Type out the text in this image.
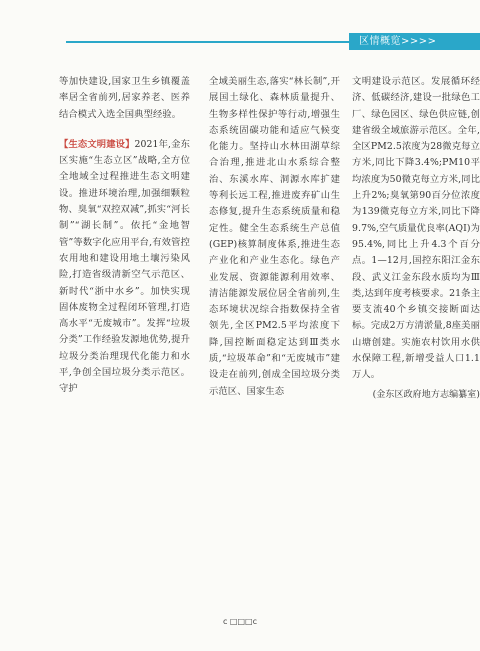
区情概览>>>>

等加快建设,国家卫生乡镇覆盖率居全省前列,居家养老、医养结合模式入选全国典型经验。

【生态文明建设】2021年,金东区实施“生态立区”战略,全方位全地域全过程推进生态文明建设。推进环境治理,加强细颗粒物、臭氧“双控双减”,抓实“河长制”“湖长制”。依托“金地智管”等数字化应用平台,有效管控农用地和建设用地土壤污染风险,打造省级清新空气示范区、新时代“浙中水乡”。加快实现固体废物全过程闭环管理,打造高水平“无废城市”。发挥“垃圾分类”工作经验发源地优势,提升垃圾分类治理现代化能力和水平,争创全国垃圾分类示范区。守护

全域美丽生态,落实“林长制”,开展国土绿化、森林质量提升、生物多样性保护等行动,增强生态系统固碳功能和适应气候变化能力。坚持山水林田湖草综合治理,推进北山水系综合整治、东溪水库、洞源水库扩建等利长远工程,推进废弃矿山生态修复,提升生态系统质量和稳定性。健全生态系统生产总值(GEP)核算制度体系,推进生态产业化和产业生态化。绿色产业发展、资源能源利用效率、清洁能源发展位居全省前列,生态环境状况综合指数保持全省领先,全区PM2.5平均浓度下降,国控断面稳定达到Ⅲ类水质,“垃圾革命”和“无废城市”建设走在前列,创成全国垃圾分类示范区、国家生态

文明建设示范区。发展循环经济、低碳经济,建设一批绿色工厂、绿色园区、绿色供应链,创建省级全域旅游示范区。全年,全区PM2.5浓度为28微克每立方米,同比下降3.4%;PM10平均浓度为50微克每立方米,同比上升2%;臭氧第90百分位浓度为139微克每立方米,同比下降9.7%,空气质量优良率(AQI)为95.4%,同比上升4.3个百分点。1—12月,国控东阳江金东段、武义江金东段水质均为Ⅲ类,达到年度考核要求。21条主要支流40个乡镇交接断面达标。完成2万方清淤量,8座美丽山塘创建。实施农村饮用水供水保障工程,新增受益人口1.1万人。

(金东区政府地方志编纂室)
c □□□c
